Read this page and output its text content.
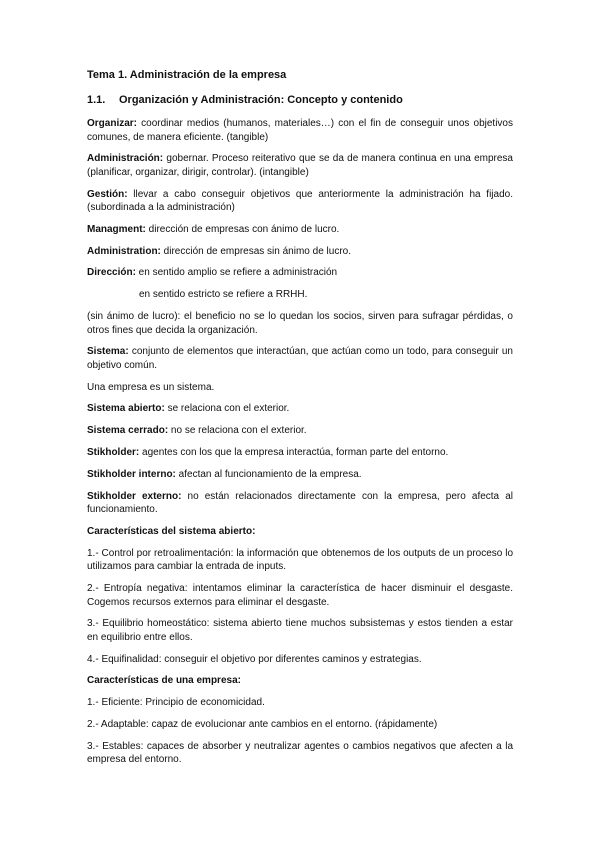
Tema 1. Administración de la empresa
1.1.	Organización y Administración: Concepto y contenido

Organizar: coordinar medios (humanos, materiales…) con el fin de conseguir unos objetivos comunes, de manera eficiente. (tangible)

Administración: gobernar. Proceso reiterativo que se da de manera continua en una empresa (planificar, organizar, dirigir, controlar). (intangible)

Gestión: llevar a cabo conseguir objetivos que anteriormente la administración ha fijado. (subordinada a la administración)

Managment: dirección de empresas con ánimo de lucro.

Administration: dirección de empresas sin ánimo de lucro.

Dirección: en sentido amplio se refiere a administración

en sentido estricto se refiere a RRHH.

(sin ánimo de lucro): el beneficio no se lo quedan los socios, sirven para sufragar pérdidas, o otros fines que decida la organización.

Sistema: conjunto de elementos que interactúan, que actúan como un todo, para conseguir un objetivo común.

Una empresa es un sistema.

Sistema abierto: se relaciona con el exterior.

Sistema cerrado: no se relaciona con el exterior.

Stikholder: agentes con los que la empresa interactúa, forman parte del entorno.

Stikholder interno: afectan al funcionamiento de la empresa.

Stikholder externo: no están relacionados directamente con la empresa, pero afecta al funcionamiento.

Características del sistema abierto:

1.- Control por retroalimentación: la información que obtenemos de los outputs de un proceso lo utilizamos para cambiar la entrada de inputs.

2.- Entropía negativa: intentamos eliminar la característica de hacer disminuir el desgaste. Cogemos recursos externos para eliminar el desgaste.

3.- Equilibrio homeostático: sistema abierto tiene muchos subsistemas y estos tienden a estar en equilibrio entre ellos.

4.- Equifinalidad: conseguir el objetivo por diferentes caminos y estrategias.

Características de una empresa:

1.- Eficiente: Principio de economicidad.

2.- Adaptable: capaz de evolucionar ante cambios en el entorno. (rápidamente)

3.- Estables: capaces de absorber y neutralizar agentes o cambios negativos que afecten a la empresa del entorno.
